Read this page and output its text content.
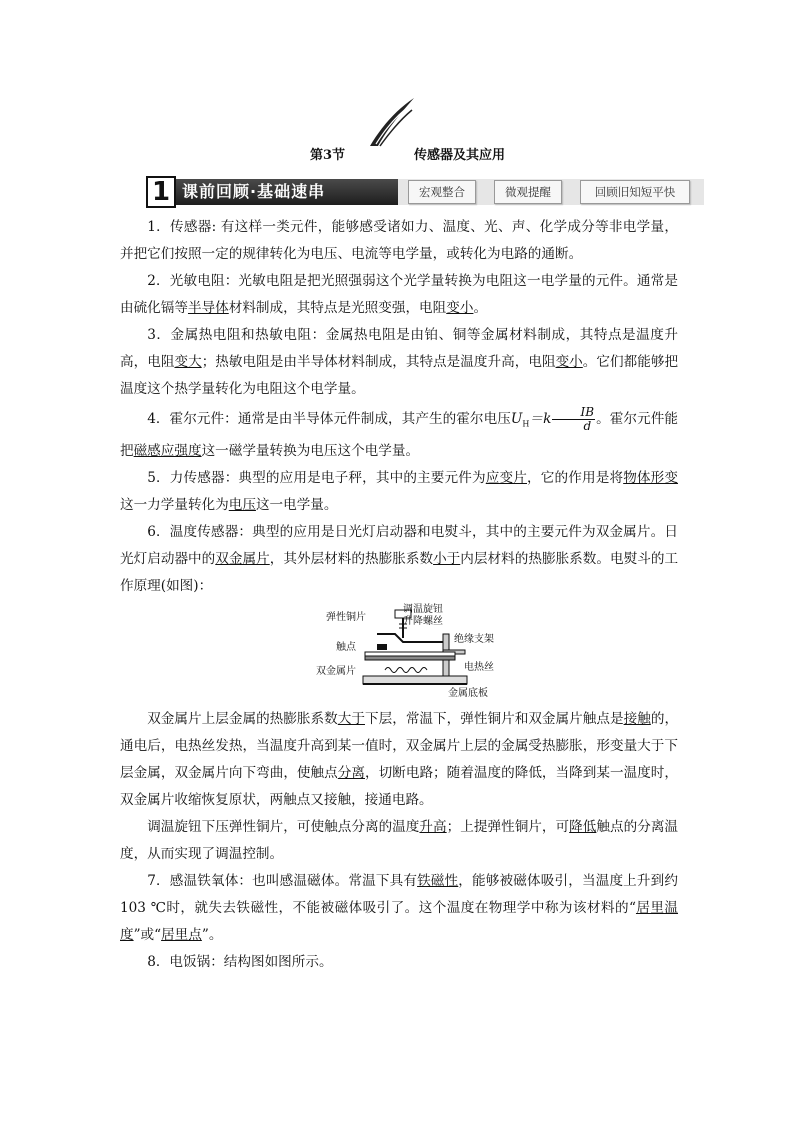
第3节	传感器及其应用
1 课前回顾·基础速串	宏观整合	微观提醒	回顾旧知短平快

1．传感器: 有这样一类元件，能够感受诸如力、温度、光、声、化学成分等非电学量，并把它们按照一定的规律转化为电压、电流等电学量，或转化为电路的通断。

2．光敏电阻：光敏电阻是把光照强弱这个光学量转换为电阻这一电学量的元件。通常是由硫化镉等半导体材料制成，其特点是光照变强，电阻变小。

3．金属热电阻和热敏电阻：金属热电阻是由铂、铜等金属材料制成，其特点是温度升高，电阻变大；热敏电阻是由半导体材料制成，其特点是温度升高，电阻变小。它们都能够把温度这个热学量转化为电阻这个电学量。

4．霍尔元件：通常是由半导体元件制成，其产生的霍尔电压$U_H=k \frac{IB}{d}$ 。霍尔元件能把磁感应强度这一磁学量转换为电压这个电学量。

5．力传感器：典型的应用是电子秤，其中的主要元件为应变片，它的作用是将物体形变这一力学量转化为电压这一电学量。

6．温度传感器：典型的应用是日光灯启动器和电熨斗，其中的主要元件为双金属片。日光灯启动器中的双金属片，其外层材料的热膨胀系数小于内层材料的热膨胀系数。电熨斗的工作原理(如图)：

调温旋钮
升降螺丝
弹性铜片
绝缘支架
触点
电热丝
双金属片
金属底板

双金属片上层金属的热膨胀系数大于下层，常温下，弹性铜片和双金属片触点是接触的，通电后，电热丝发热，当温度升高到某一值时，双金属片上层的金属受热膨胀，形变量大于下层金属，双金属片向下弯曲，使触点分离，切断电路；随着温度的降低，当降到某一温度时，双金属片收缩恢复原状，两触点又接触，接通电路。

调温旋钮下压弹性铜片，可使触点分离的温度升高；上提弹性铜片，可降低触点的分离温度，从而实现了调温控制。

7．感温铁氧体：也叫感温磁体。常温下具有铁磁性，能够被磁体吸引，当温度上升到约103 ℃时，就失去铁磁性，不能被磁体吸引了。这个温度在物理学中称为该材料的“居里温度”或“居里点”。

8．电饭锅：结构图如图所示。
